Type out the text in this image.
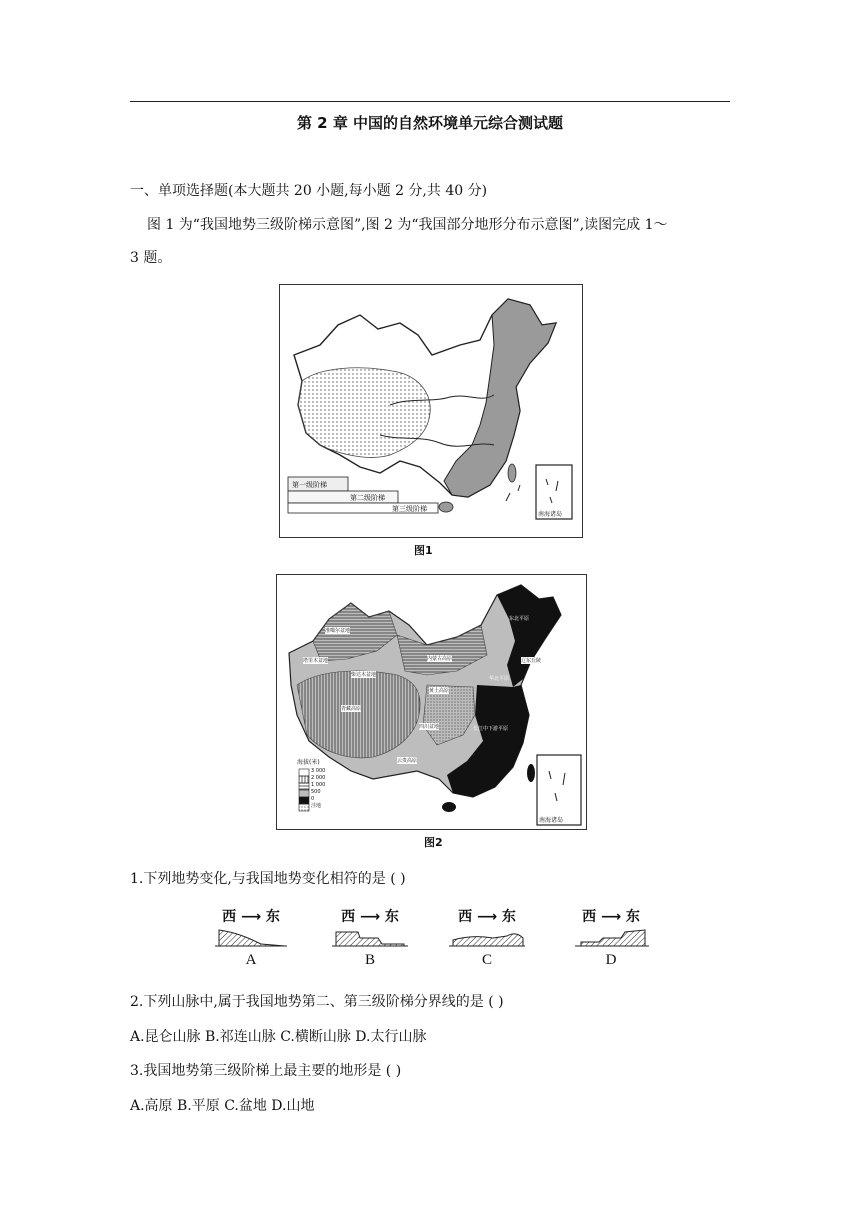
第 2 章 中国的自然环境单元综合测试题
一、单项选择题(本大题共 20 小题,每小题 2 分,共 40 分)
图 1 为“我国地势三级阶梯示意图”,图 2 为“我国部分地形分布示意图”,读图完成 1～
3 题。
第一级阶梯
第二级阶梯
第三级阶梯
南海诸岛
图1
海拔(米)
3 000
2 000
1 000
500
0
洼地
南海诸岛
准噶尔盆地
塔里木盆地
柴达木盆地
四川盆地
东北平原
华北平原
长江中下游平原
辽东丘陵
青藏高原
内蒙古高原
黄土高原
云贵高原
图2
1.下列地势变化,与我国地势变化相符的是 ( )
西 ⟶ 东
A
西 ⟶ 东
B
西 ⟶ 东
C
西 ⟶ 东
D
2.下列山脉中,属于我国地势第二、第三级阶梯分界线的是 ( )
A.昆仑山脉 B.祁连山脉 C.横断山脉 D.太行山脉
3.我国地势第三级阶梯上最主要的地形是 ( )
A.高原 B.平原 C.盆地 D.山地
